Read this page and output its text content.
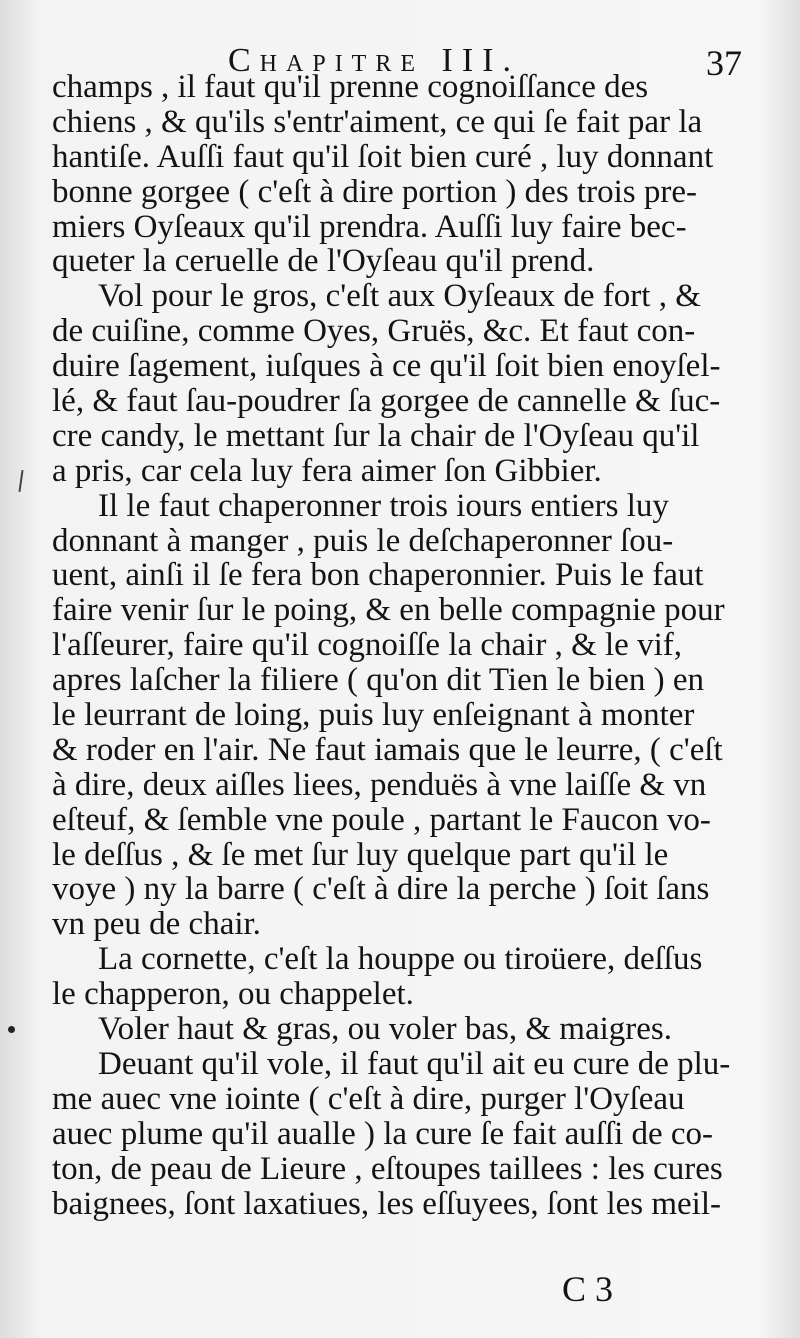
Chapitre III.	37
champs , il faut qu'il prenne cognoiſſance des
chiens , & qu'ils s'entr'aiment, ce qui ſe fait par la
hantiſe. Auſſi faut qu'il ſoit bien curé , luy donnant
bonne gorgee ( c'eſt à dire portion ) des trois pre-
miers Oyſeaux qu'il prendra. Auſſi luy faire bec-
queter la ceruelle de l'Oyſeau qu'il prend.
Vol pour le gros, c'eſt aux Oyſeaux de fort , &
de cuiſine, comme Oyes, Gruës, &c. Et faut con-
duire ſagement, iuſques à ce qu'il ſoit bien enoyſel-
lé, & faut ſau-poudrer ſa gorgee de cannelle & ſuc-
cre candy, le mettant ſur la chair de l'Oyſeau qu'il
a pris, car cela luy fera aimer ſon Gibbier.
Il le faut chaperonner trois iours entiers luy
donnant à manger , puis le deſchaperonner ſou-
uent, ainſi il ſe fera bon chaperonnier. Puis le faut
faire venir ſur le poing, & en belle compagnie pour
l'aſſeurer, faire qu'il cognoiſſe la chair , & le vif,
apres laſcher la filiere ( qu'on dit Tien le bien ) en
le leurrant de loing, puis luy enſeignant à monter
& roder en l'air. Ne faut iamais que le leurre, ( c'eſt
à dire, deux aiſles liees, penduës à vne laiſſe & vn
eſteuf, & ſemble vne poule , partant le Faucon vo-
le deſſus , & ſe met ſur luy quelque part qu'il le
voye ) ny la barre ( c'eſt à dire la perche ) ſoit ſans
vn peu de chair.
La cornette, c'eſt la houppe ou tiroüere, deſſus
le chapperon, ou chappelet.
Voler haut & gras, ou voler bas, & maigres.
Deuant qu'il vole, il faut qu'il ait eu cure de plu-
me auec vne iointe ( c'eſt à dire, purger l'Oyſeau
auec plume qu'il aualle ) la cure ſe fait auſſi de co-
ton, de peau de Lieure , eſtoupes taillees : les cures
baignees, ſont laxatiues, les eſſuyees, ſont les meil-
C 3
